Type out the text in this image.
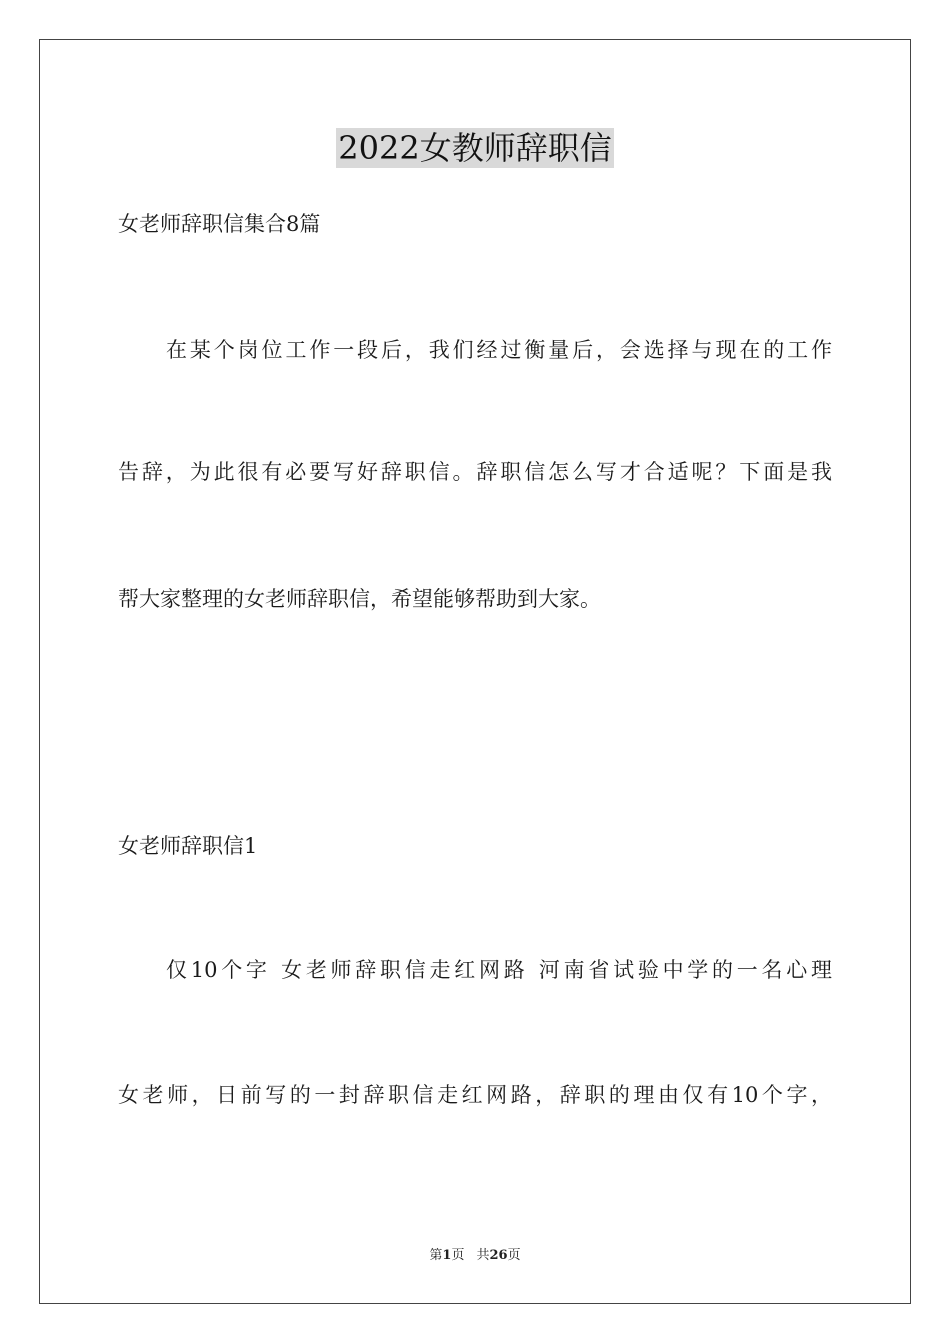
2022女教师辞职信
女老师辞职信集合8篇
在某个岗位工作一段后，我们经过衡量后，会选择与现在的工作
告辞，为此很有必要写好辞职信。辞职信怎么写才合适呢？下面是我
帮大家整理的女老师辞职信，希望能够帮助到大家。
女老师辞职信1
仅10个字 女老师辞职信走红网路 河南省试验中学的一名心理
女老师，日前写的一封辞职信走红网路，辞职的理由仅有10个字，
第1页 共26页
